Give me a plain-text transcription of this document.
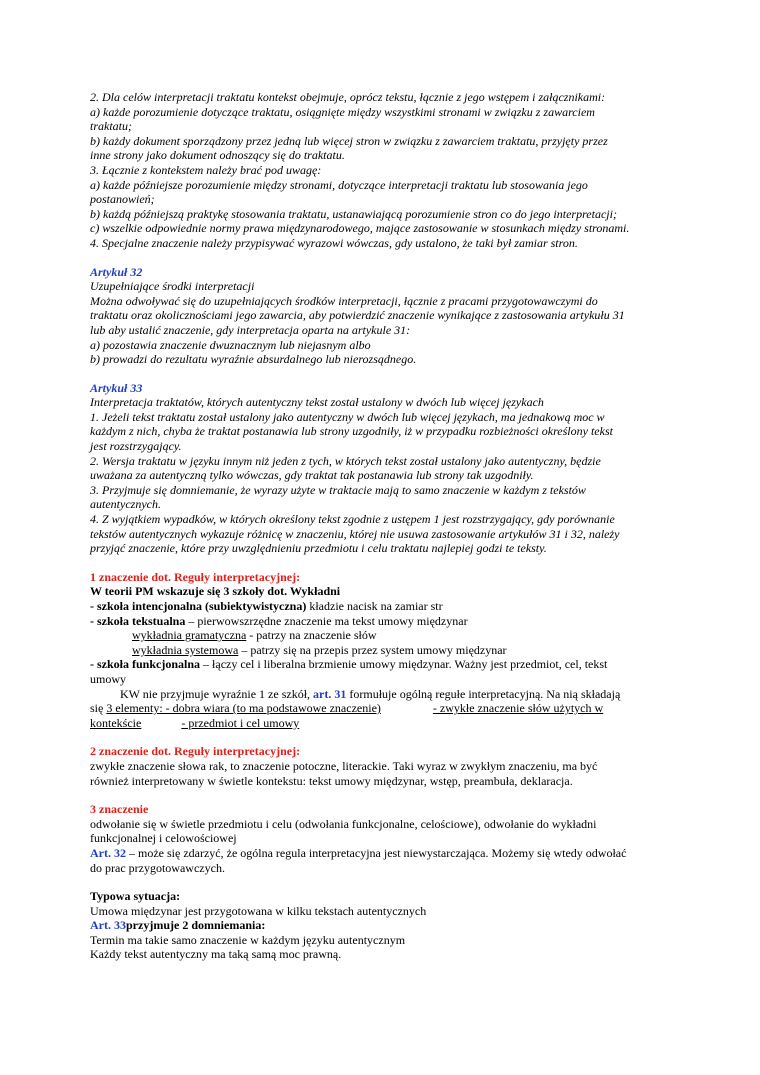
2. Dla celów interpretacji traktatu kontekst obejmuje, oprócz tekstu, łącznie z jego wstępem i załącznikami:

a) każde porozumienie dotyczące traktatu, osiągnięte między wszystkimi stronami w związku z zawarciem

traktatu;

b) każdy dokument sporządzony przez jedną lub więcej stron w związku z zawarciem traktatu, przyjęty przez

inne strony jako dokument odnoszący się do traktatu.

3. Łącznie z kontekstem należy brać pod uwagę:

a) każde późniejsze porozumienie między stronami, dotyczące interpretacji traktatu lub stosowania jego

postanowień;

b) każdą późniejszą praktykę stosowania traktatu, ustanawiającą porozumienie stron co do jego interpretacji;

c) wszelkie odpowiednie normy prawa międzynarodowego, mające zastosowanie w stosunkach między stronami.

4. Specjalne znaczenie należy przypisywać wyrazowi wówczas, gdy ustalono, że taki był zamiar stron.

Artykuł 32

Uzupełniające środki interpretacji

Można odwoływać się do uzupełniających środków interpretacji, łącznie z pracami przygotowawczymi do

traktatu oraz okolicznościami jego zawarcia, aby potwierdzić znaczenie wynikające z zastosowania artykułu 31

lub aby ustalić znaczenie, gdy interpretacja oparta na artykule 31:

a) pozostawia znaczenie dwuznacznym lub niejasnym albo

b) prowadzi do rezultatu wyraźnie absurdalnego lub nierozsądnego.

Artykuł 33

Interpretacja traktatów, których autentyczny tekst został ustalony w dwóch lub więcej językach

1. Jeżeli tekst traktatu został ustalony jako autentyczny w dwóch lub więcej językach, ma jednakową moc w

każdym z nich, chyba że traktat postanawia lub strony uzgodniły, iż w przypadku rozbieżności określony tekst

jest rozstrzygający.

2. Wersja traktatu w języku innym niż jeden z tych, w których tekst został ustalony jako autentyczny, będzie

uważana za autentyczną tylko wówczas, gdy traktat tak postanawia lub strony tak uzgodniły.

3. Przyjmuje się domniemanie, że wyrazy użyte w traktacie mają to samo znaczenie w każdym z tekstów

autentycznych.

4. Z wyjątkiem wypadków, w których określony tekst zgodnie z ustępem 1 jest rozstrzygający, gdy porównanie

tekstów autentycznych wykazuje różnicę w znaczeniu, której nie usuwa zastosowanie artykułów 31 i 32, należy

przyjąć znaczenie, które przy uwzględnieniu przedmiotu i celu traktatu najlepiej godzi te teksty.

1 znaczenie dot. Reguły interpretacyjnej:

W teorii PM wskazuje się 3 szkoły dot. Wykładni

- szkoła intencjonalna (subiektywistyczna) kładzie nacisk na zamiar str

- szkoła tekstualna – pierwowszrzędne znaczenie ma tekst umowy międzynar

wykładnia gramatyczna - patrzy na znaczenie słów

wykładnia systemowa – patrzy się na przepis przez system umowy międzynar

- szkoła funkcjonalna – łączy cel i liberalna brzmienie umowy międzynar. Ważny jest przedmiot, cel, tekst

umowy

KW nie przyjmuje wyraźnie 1 ze szkół, art. 31 formułuje ogólną regułe interpretacyjną. Na nią składają

się 3 elementy: - dobra wiara (to ma podstawowe znaczenie)	- zwykłe znaczenie słów użytych w

kontekście	- przedmiot i cel umowy

2 znaczenie dot. Reguły interpretacyjnej:

zwykłe znaczenie słowa rak, to znaczenie potoczne, literackie. Taki wyraz w zwykłym znaczeniu, ma być

również interpretowany w świetle kontekstu: tekst umowy międzynar, wstęp, preambuła, deklaracja.

3 znaczenie

odwołanie się w świetle przedmiotu i celu (odwołania funkcjonalne, celościowe), odwołanie do wykładni

funkcjonalnej i celowościowej

Art. 32 – może się zdarzyć, że ogólna regula interpretacyjna jest niewystarczająca. Możemy się wtedy odwołać

do prac przygotowawczych.

Typowa sytuacja:

Umowa międzynar jest przygotowana w kilku tekstach autentycznych

Art. 33przyjmuje 2 domniemania:

Termin ma takie samo znaczenie w każdym języku autentycznym

Każdy tekst autentyczny ma taką samą moc prawną.
